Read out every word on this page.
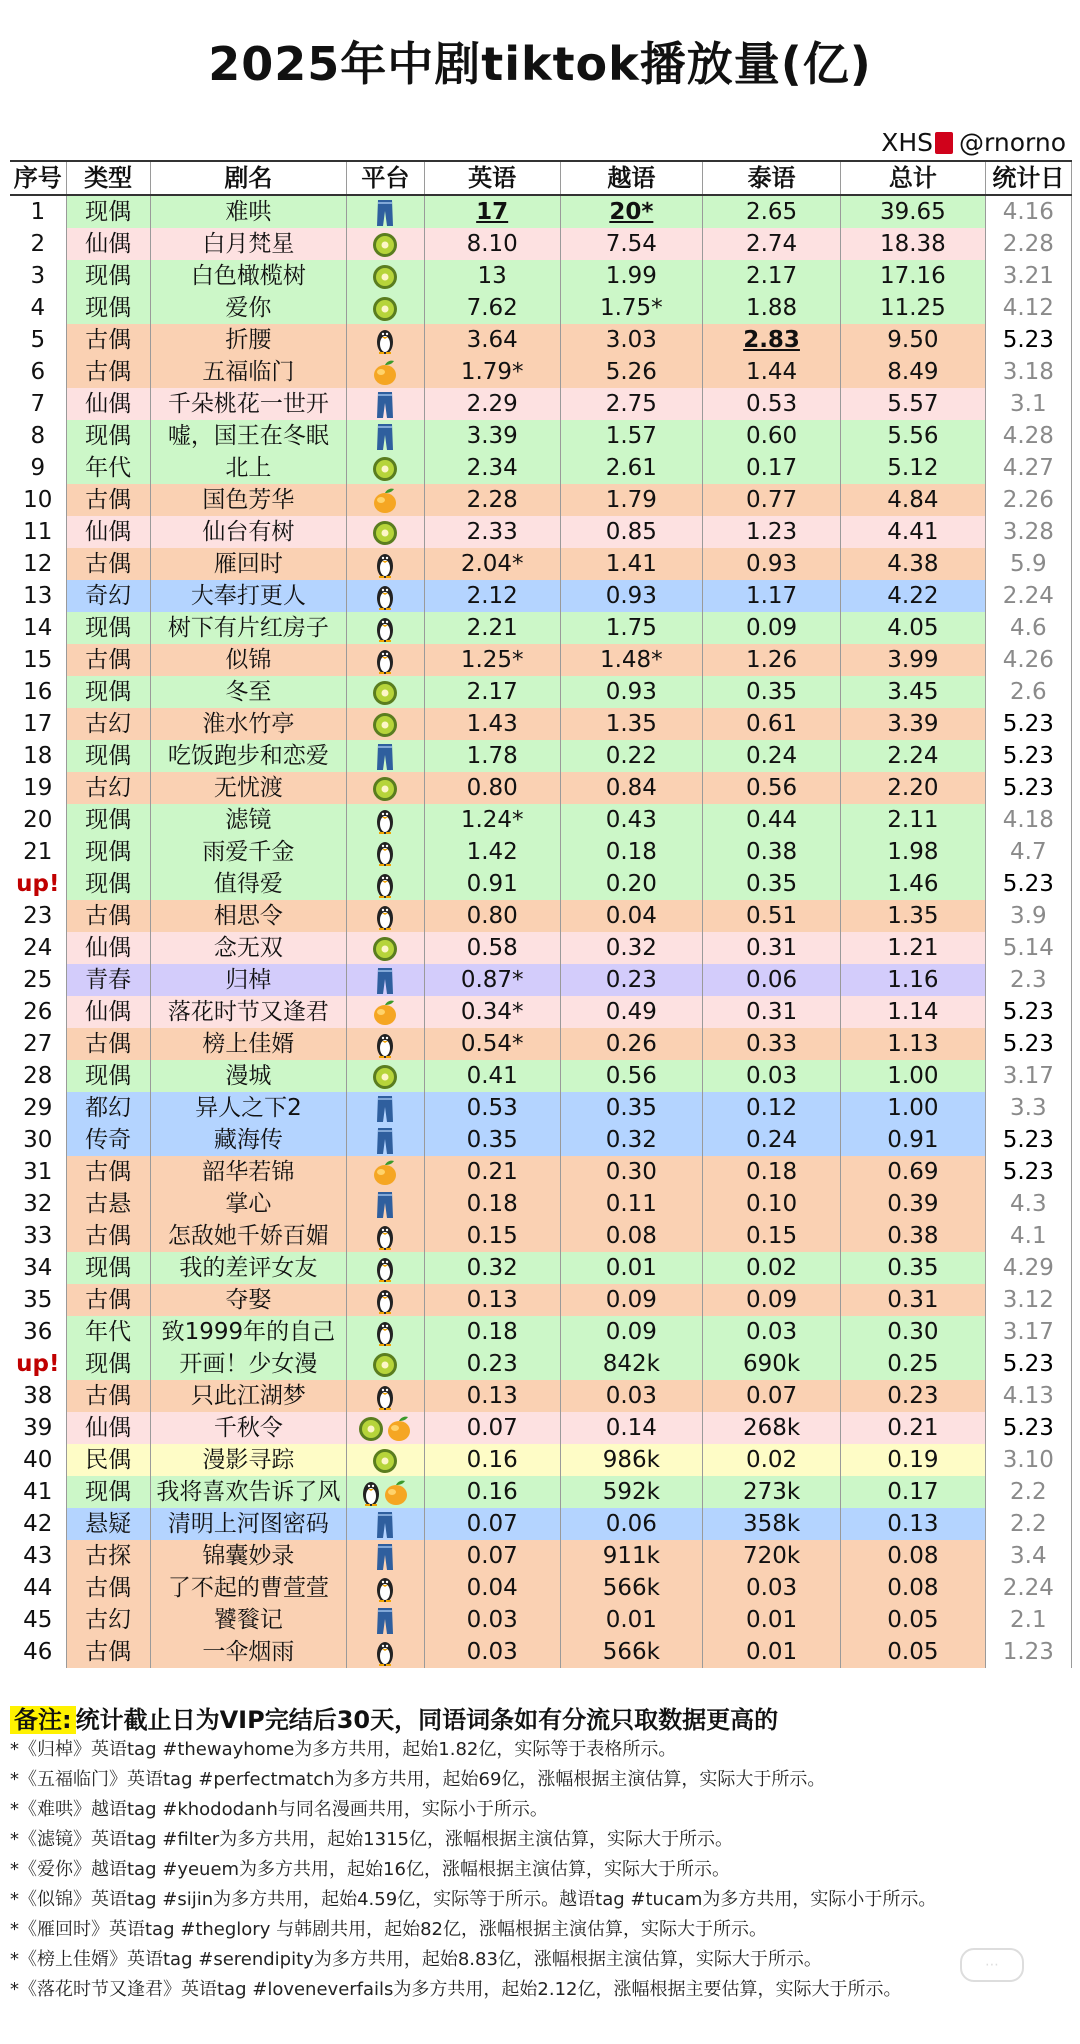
2025年中剧tiktok播放量(亿)
XHS @rnorno
序号	类型	剧名	平台	英语	越语	泰语	总计	统计日
1	现偶	难哄		17	20*	2.65	39.65	4.16
2	仙偶	白月梵星		8.10	7.54	2.74	18.38	2.28
3	现偶	白色橄榄树		13	1.99	2.17	17.16	3.21
4	现偶	爱你		7.62	1.75*	1.88	11.25	4.12
5	古偶	折腰		3.64	3.03	2.83	9.50	5.23
6	古偶	五福临门		1.79*	5.26	1.44	8.49	3.18
7	仙偶	千朵桃花一世开		2.29	2.75	0.53	5.57	3.1
8	现偶	嘘，国王在冬眠		3.39	1.57	0.60	5.56	4.28
9	年代	北上		2.34	2.61	0.17	5.12	4.27
10	古偶	国色芳华		2.28	1.79	0.77	4.84	2.26
11	仙偶	仙台有树		2.33	0.85	1.23	4.41	3.28
12	古偶	雁回时		2.04*	1.41	0.93	4.38	5.9
13	奇幻	大奉打更人		2.12	0.93	1.17	4.22	2.24
14	现偶	树下有片红房子		2.21	1.75	0.09	4.05	4.6
15	古偶	似锦		1.25*	1.48*	1.26	3.99	4.26
16	现偶	冬至		2.17	0.93	0.35	3.45	2.6
17	古幻	淮水竹亭		1.43	1.35	0.61	3.39	5.23
18	现偶	吃饭跑步和恋爱		1.78	0.22	0.24	2.24	5.23
19	古幻	无忧渡		0.80	0.84	0.56	2.20	5.23
20	现偶	滤镜		1.24*	0.43	0.44	2.11	4.18
21	现偶	雨爱千金		1.42	0.18	0.38	1.98	4.7
up!	现偶	值得爱		0.91	0.20	0.35	1.46	5.23
23	古偶	相思令		0.80	0.04	0.51	1.35	3.9
24	仙偶	念无双		0.58	0.32	0.31	1.21	5.14
25	青春	归棹		0.87*	0.23	0.06	1.16	2.3
26	仙偶	落花时节又逢君		0.34*	0.49	0.31	1.14	5.23
27	古偶	榜上佳婿		0.54*	0.26	0.33	1.13	5.23
28	现偶	漫城		0.41	0.56	0.03	1.00	3.17
29	都幻	异人之下2		0.53	0.35	0.12	1.00	3.3
30	传奇	藏海传		0.35	0.32	0.24	0.91	5.23
31	古偶	韶华若锦		0.21	0.30	0.18	0.69	5.23
32	古悬	掌心		0.18	0.11	0.10	0.39	4.3
33	古偶	怎敌她千娇百媚		0.15	0.08	0.15	0.38	4.1
34	现偶	我的差评女友		0.32	0.01	0.02	0.35	4.29
35	古偶	夺娶		0.13	0.09	0.09	0.31	3.12
36	年代	致1999年的自己		0.18	0.09	0.03	0.30	3.17
up!	现偶	开画！少女漫		0.23	842k	690k	0.25	5.23
38	古偶	只此江湖梦		0.13	0.03	0.07	0.23	4.13
39	仙偶	千秋令		0.07	0.14	268k	0.21	5.23
40	民偶	漫影寻踪		0.16	986k	0.02	0.19	3.10
41	现偶	我将喜欢告诉了风		0.16	592k	273k	0.17	2.2
42	悬疑	清明上河图密码		0.07	0.06	358k	0.13	2.2
43	古探	锦囊妙录		0.07	911k	720k	0.08	3.4
44	古偶	了不起的曹萱萱		0.04	566k	0.03	0.08	2.24
45	古幻	饕餮记		0.03	0.01	0.01	0.05	2.1
46	古偶	一伞烟雨		0.03	566k	0.01	0.05	1.23
备注: 统计截止日为VIP完结后30天，同语词条如有分流只取数据更高的
*《归棹》英语tag #thewayhome为多方共用，起始1.82亿，实际等于表格所示。
*《五福临门》英语tag #perfectmatch为多方共用，起始69亿，涨幅根据主演估算，实际大于所示。
*《难哄》越语tag #khododanh与同名漫画共用，实际小于所示。
*《滤镜》英语tag #filter为多方共用，起始1315亿，涨幅根据主演估算，实际大于所示。
*《爱你》越语tag #yeuem为多方共用，起始16亿，涨幅根据主演估算，实际大于所示。
*《似锦》英语tag #sijin为多方共用，起始4.59亿，实际等于所示。越语tag #tucam为多方共用，实际小于所示。
*《雁回时》英语tag #theglory 与韩剧共用，起始82亿，涨幅根据主演估算，实际大于所示。
*《榜上佳婿》英语tag #serendipity为多方共用，起始8.83亿，涨幅根据主演估算，实际大于所示。
*《落花时节又逢君》英语tag #loveneverfails为多方共用，起始2.12亿，涨幅根据主要估算，实际大于所示。
⋯
